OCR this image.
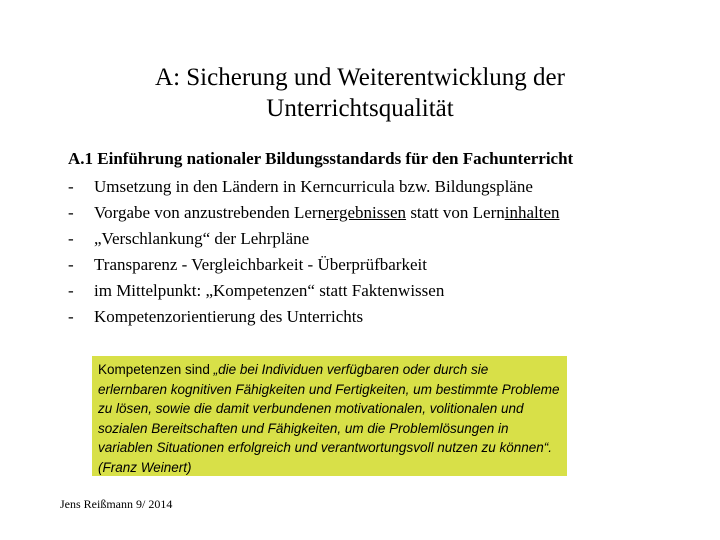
A: Sicherung und Weiterentwicklung der
Unterrichtsqualität
A.1 Einführung nationaler Bildungsstandards für den Fachunterricht
- Umsetzung in den Ländern in Kerncurricula bzw. Bildungspläne
- Vorgabe von anzustrebenden Lernergebnissen statt von Lerninhalten
- „Verschlankung“ der Lehrpläne
- Transparenz - Vergleichbarkeit - Überprüfbarkeit
- im Mittelpunkt: „Kompetenzen“ statt Faktenwissen
- Kompetenzorientierung des Unterrichts
Kompetenzen sind „die bei Individuen verfügbaren oder durch sie erlernbaren kognitiven Fähigkeiten und Fertigkeiten, um bestimmte Probleme zu lösen, sowie die damit verbundenen motivationalen, volitionalen und sozialen Bereitschaften und Fähigkeiten, um die Problemlösungen in variablen Situationen erfolgreich und verantwortungsvoll nutzen zu können“. (Franz Weinert)
Jens Reißmann 9/ 2014
